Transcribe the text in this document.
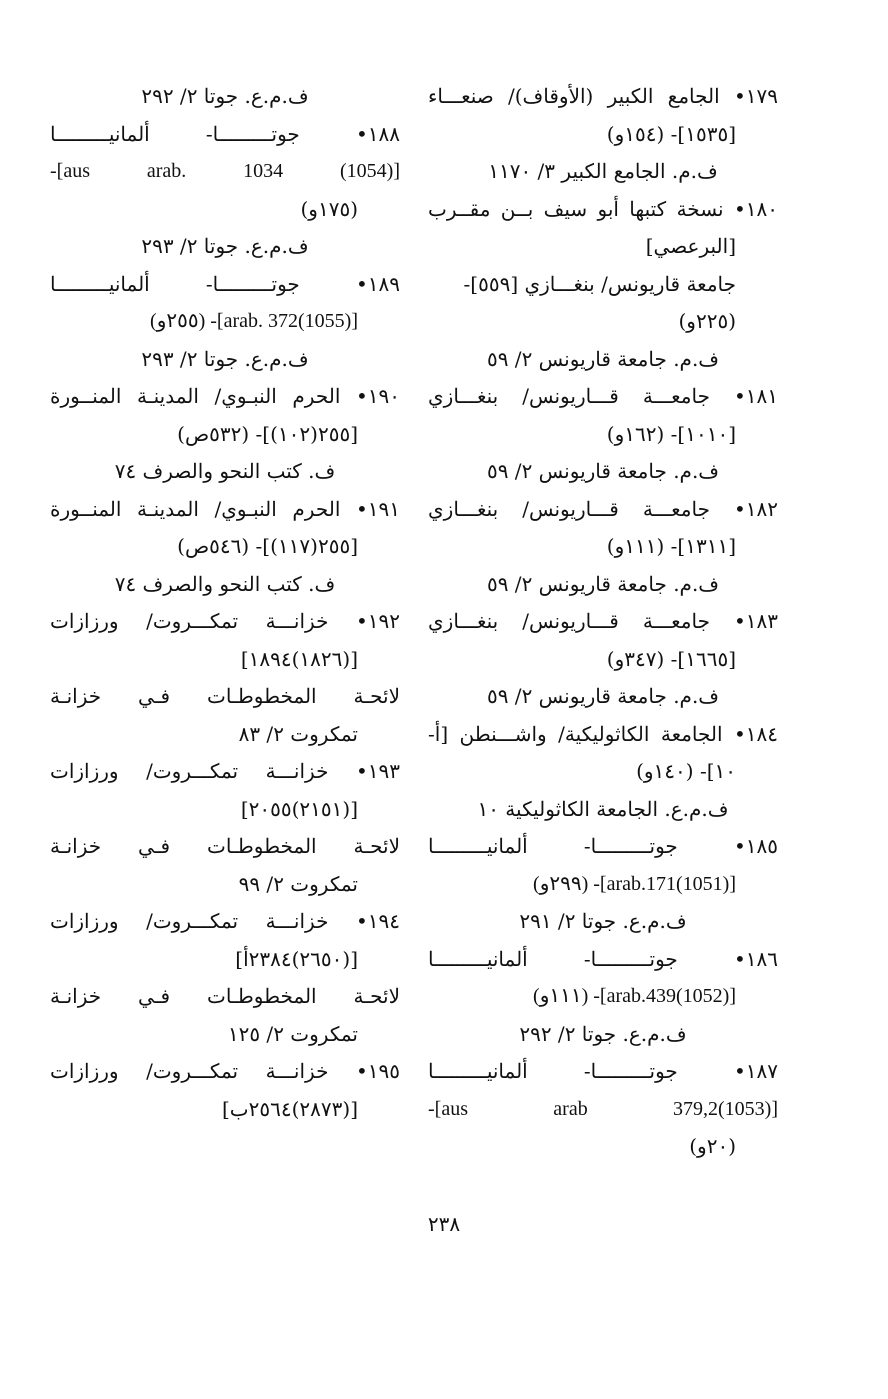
١٧٩• الجامع الكبير (الأوقاف)/ صنعـــاء
[١٥٣٥]- (١٥٤و)
ف.م. الجامع الكبير ٣/ ١١٧٠
١٨٠• نسخة كتبها أبو سيف بــن مقــرب
[البرعصي]
جامعة قاريونس/ بنغـــازي [٥٥٩]-
(٢٢٥و)
ف.م. جامعة قاريونس ٢/ ٥٩
١٨١• جامعـــة قـــاريونس/ بنغـــازي
[١٠١٠]- (١٦٢و)
ف.م. جامعة قاريونس ٢/ ٥٩
١٨٢• جامعـــة قـــاريونس/ بنغـــازي
[١٣١١]- (١١١و)
ف.م. جامعة قاريونس ٢/ ٥٩
١٨٣• جامعـــة قـــاريونس/ بنغـــازي
[١٦٦٥]- (٣٤٧و)
ف.م. جامعة قاريونس ٢/ ٥٩
١٨٤• الجامعة الكاثوليكية/ واشـــنطن [أ-
١٠]- (١٤٠و)
ف.م.ع. الجامعة الكاثوليكية ١٠
١٨٥• جوتـــــــــا- ألمانيـــــــــا
[(1051)arab.171]- (٢٩٩و)
ف.م.ع. جوتا ٢/ ٢٩١
١٨٦• جوتـــــــــا- ألمانيـــــــــا
[(1052)arab.439]- (١١١و)
ف.م.ع. جوتا ٢/ ٢٩٢
١٨٧• جوتـــــــــا- ألمانيـــــــــا
[(1053)2,aus arab 379]-
(٢٠و)
ف.م.ع. جوتا ٢/ ٢٩٢
١٨٨• جوتـــــــــا- ألمانيـــــــــا
[(1054) aus arab. 1034]-
(١٧٥و)
ف.م.ع. جوتا ٢/ ٢٩٣
١٨٩• جوتـــــــــا- ألمانيـــــــــا
[(1055)arab. 372]- (٢٥٥و)
ف.م.ع. جوتا ٢/ ٢٩٣
١٩٠• الحرم النبـوي/ المدينـة المنــورة
[٢٥٥(١٠٢)]- (٥٣٢ص)
ف. كتب النحو والصرف ٧٤
١٩١• الحرم النبـوي/ المدينـة المنــورة
[٢٥٥(١١٧)]- (٥٤٦ص)
ف. كتب النحو والصرف ٧٤
١٩٢• خزانـــة تمكـــروت/ ورزازات
[(١٨٢٦)١٨٩٤]
لائحـة المخطوطـات فـي خزانـة
تمكروت ٢/ ٨٣
١٩٣• خزانـــة تمكـــروت/ ورزازات
[(٢١٥١)٢٠٥٥]
لائحـة المخطوطـات فـي خزانـة
تمكروت ٢/ ٩٩
١٩٤• خزانـــة تمكـــروت/ ورزازات
[(٢٦٥٠)٢٣٨٤أ]
لائحـة المخطوطـات فـي خزانـة
تمكروت ٢/ ١٢٥
١٩٥• خزانـــة تمكـــروت/ ورزازات
[(٢٨٧٣)٢٥٦٤ب]
٢٣٨
